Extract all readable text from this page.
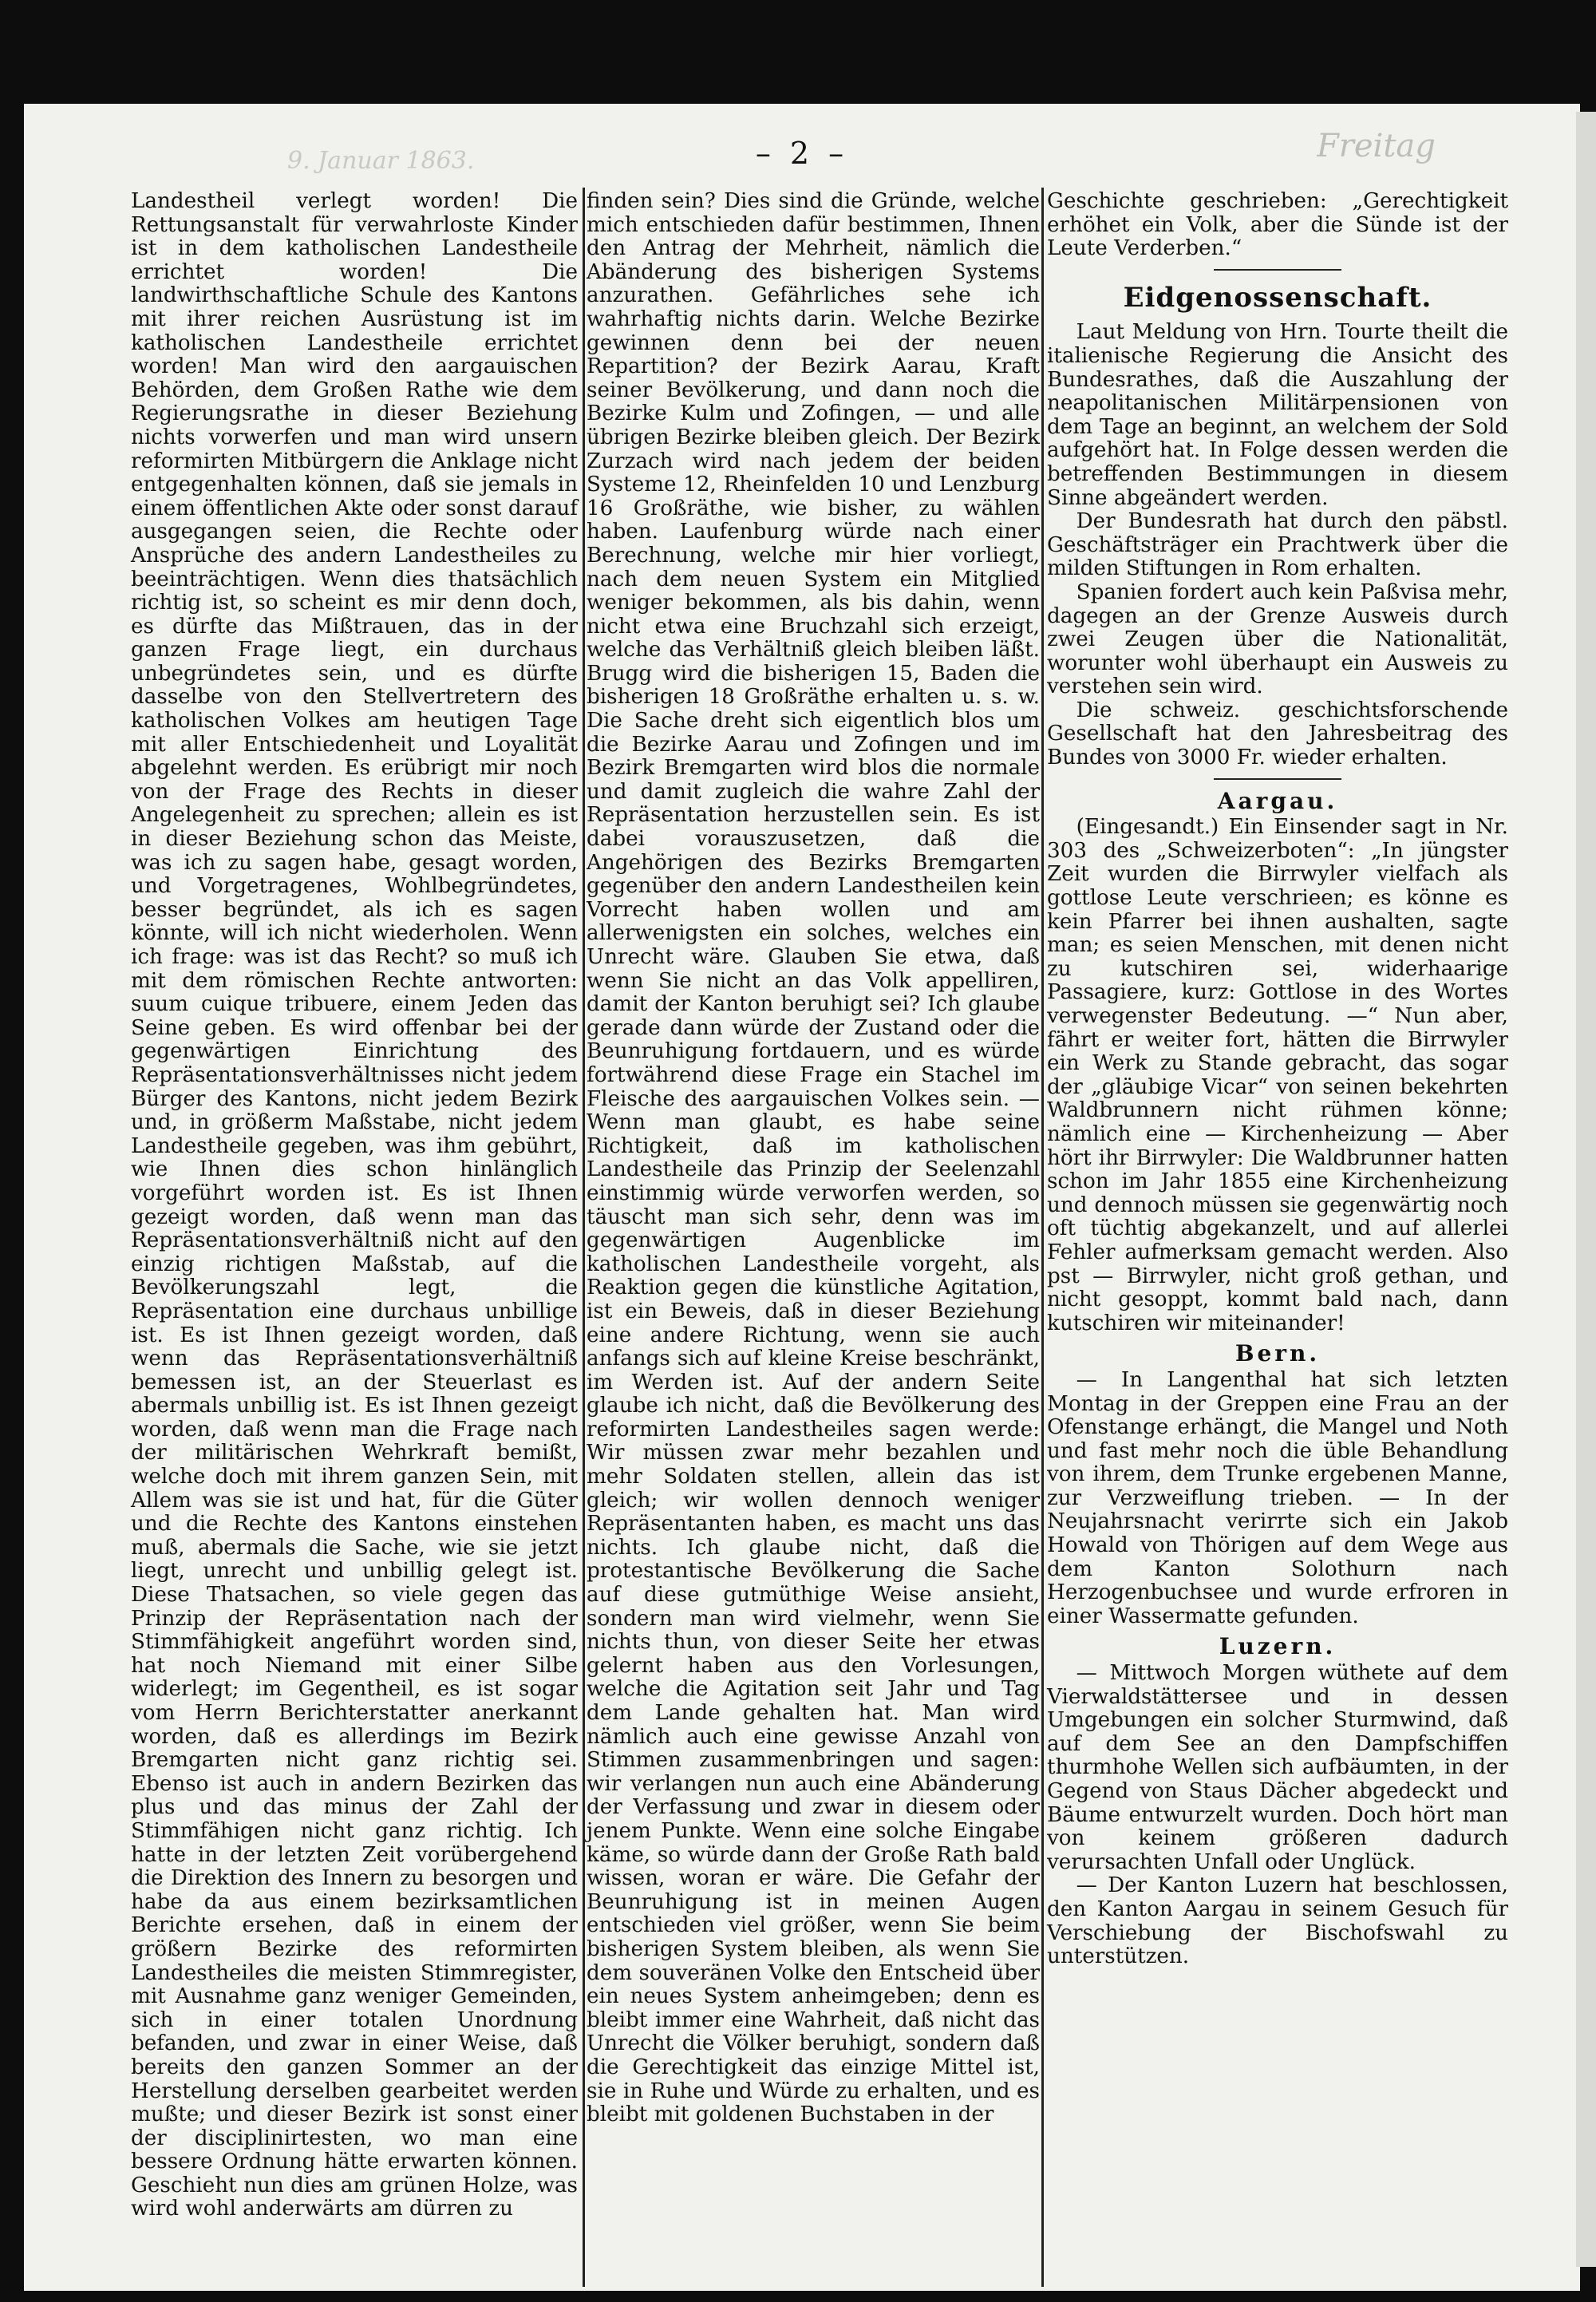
9. Januar 1863.	– 2 –

Landestheil verlegt worden! Die Rettungsanstalt für verwahrloste Kinder ist in dem katholischen Landestheile errichtet worden! Die landwirthschaftliche Schule des Kantons mit ihrer reichen Ausrüstung ist im katholischen Landestheile errichtet worden! Man wird den aargauischen Behörden, dem Großen Rathe wie dem Regierungsrathe in dieser Beziehung nichts vorwerfen und man wird unsern reformirten Mitbürgern die Anklage nicht entgegenhalten können, daß sie jemals in einem öffentlichen Akte oder sonst darauf ausgegangen seien, die Rechte oder Ansprüche des andern Landestheiles zu beeinträchtigen. Wenn dies thatsächlich richtig ist, so scheint es mir denn doch, es dürfte das Mißtrauen, das in der ganzen Frage liegt, ein durchaus unbegründetes sein, und es dürfte dasselbe von den Stellvertretern des katholischen Volkes am heutigen Tage mit aller Entschiedenheit und Loyalität abgelehnt werden. Es erübrigt mir noch von der Frage des Rechts in dieser Angelegenheit zu sprechen; allein es ist in dieser Beziehung schon das Meiste, was ich zu sagen habe, gesagt worden, und Vorgetragenes, Wohlbegründetes, besser begründet, als ich es sagen könnte, will ich nicht wiederholen. Wenn ich frage: was ist das Recht? so muß ich mit dem römischen Rechte antworten: suum cuique tribuere, einem Jeden das Seine geben. Es wird offenbar bei der gegenwärtigen Einrichtung des Repräsentationsverhältnisses nicht jedem Bürger des Kantons, nicht jedem Bezirk und, in größerm Maßstabe, nicht jedem Landestheile gegeben, was ihm gebührt, wie Ihnen dies schon hinlänglich vorgeführt worden ist. Es ist Ihnen gezeigt worden, daß wenn man das Repräsentationsverhältniß nicht auf den einzig richtigen Maßstab, auf die Bevölkerungszahl legt, die Repräsentation eine durchaus unbillige ist. Es ist Ihnen gezeigt worden, daß wenn das Repräsentationsverhältniß bemessen ist, an der Steuerlast es abermals unbillig ist. Es ist Ihnen gezeigt worden, daß wenn man die Frage nach der militärischen Wehrkraft bemißt, welche doch mit ihrem ganzen Sein, mit Allem was sie ist und hat, für die Güter und die Rechte des Kantons einstehen muß, abermals die Sache, wie sie jetzt liegt, unrecht und unbillig gelegt ist. Diese Thatsachen, so viele gegen das Prinzip der Repräsentation nach der Stimmfähigkeit angeführt worden sind, hat noch Niemand mit einer Silbe widerlegt; im Gegentheil, es ist sogar vom Herrn Berichterstatter anerkannt worden, daß es allerdings im Bezirk Bremgarten nicht ganz richtig sei. Ebenso ist auch in andern Bezirken das plus und das minus der Zahl der Stimmfähigen nicht ganz richtig. Ich hatte in der letzten Zeit vorübergehend die Direktion des Innern zu besorgen und habe da aus einem bezirksamtlichen Berichte ersehen, daß in einem der größern Bezirke des reformirten Landestheiles die meisten Stimmregister, mit Ausnahme ganz weniger Gemeinden, sich in einer totalen Unordnung befanden, und zwar in einer Weise, daß bereits den ganzen Sommer an der Herstellung derselben gearbeitet werden mußte; und dieser Bezirk ist sonst einer der disciplinirtesten, wo man eine bessere Ordnung hätte erwarten können. Geschieht nun dies am grünen Holze, was wird wohl anderwärts am dürren zu

finden sein? Dies sind die Gründe, welche mich entschieden dafür bestimmen, Ihnen den Antrag der Mehrheit, nämlich die Abänderung des bisherigen Systems anzurathen. Gefährliches sehe ich wahrhaftig nichts darin. Welche Bezirke gewinnen denn bei der neuen Repartition? der Bezirk Aarau, Kraft seiner Bevölkerung, und dann noch die Bezirke Kulm und Zofingen, — und alle übrigen Bezirke bleiben gleich. Der Bezirk Zurzach wird nach jedem der beiden Systeme 12, Rheinfelden 10 und Lenzburg 16 Großräthe, wie bisher, zu wählen haben. Laufenburg würde nach einer Berechnung, welche mir hier vorliegt, nach dem neuen System ein Mitglied weniger bekommen, als bis dahin, wenn nicht etwa eine Bruchzahl sich erzeigt, welche das Verhältniß gleich bleiben läßt. Brugg wird die bisherigen 15, Baden die bisherigen 18 Großräthe erhalten u. s. w. Die Sache dreht sich eigentlich blos um die Bezirke Aarau und Zofingen und im Bezirk Bremgarten wird blos die normale und damit zugleich die wahre Zahl der Repräsentation herzustellen sein. Es ist dabei vorauszusetzen, daß die Angehörigen des Bezirks Bremgarten gegenüber den andern Landestheilen kein Vorrecht haben wollen und am allerwenigsten ein solches, welches ein Unrecht wäre. Glauben Sie etwa, daß wenn Sie nicht an das Volk appelliren, damit der Kanton beruhigt sei? Ich glaube gerade dann würde der Zustand oder die Beunruhigung fortdauern, und es würde fortwährend diese Frage ein Stachel im Fleische des aargauischen Volkes sein. — Wenn man glaubt, es habe seine Richtigkeit, daß im katholischen Landestheile das Prinzip der Seelenzahl einstimmig würde verworfen werden, so täuscht man sich sehr, denn was im gegenwärtigen Augenblicke im katholischen Landestheile vorgeht, als Reaktion gegen die künstliche Agitation, ist ein Beweis, daß in dieser Beziehung eine andere Richtung, wenn sie auch anfangs sich auf kleine Kreise beschränkt, im Werden ist. Auf der andern Seite glaube ich nicht, daß die Bevölkerung des reformirten Landestheiles sagen werde: Wir müssen zwar mehr bezahlen und mehr Soldaten stellen, allein das ist gleich; wir wollen dennoch weniger Repräsentanten haben, es macht uns das nichts. Ich glaube nicht, daß die protestantische Bevölkerung die Sache auf diese gutmüthige Weise ansieht, sondern man wird vielmehr, wenn Sie nichts thun, von dieser Seite her etwas gelernt haben aus den Vorlesungen, welche die Agitation seit Jahr und Tag dem Lande gehalten hat. Man wird nämlich auch eine gewisse Anzahl von Stimmen zusammenbringen und sagen: wir verlangen nun auch eine Abänderung der Verfassung und zwar in diesem oder jenem Punkte. Wenn eine solche Eingabe käme, so würde dann der Große Rath bald wissen, woran er wäre. Die Gefahr der Beunruhigung ist in meinen Augen entschieden viel größer, wenn Sie beim bisherigen System bleiben, als wenn Sie dem souveränen Volke den Entscheid über ein neues System anheimgeben; denn es bleibt immer eine Wahrheit, daß nicht das Unrecht die Völker beruhigt, sondern daß die Gerechtigkeit das einzige Mittel ist, sie in Ruhe und Würde zu erhalten, und es bleibt mit goldenen Buchstaben in der

Geschichte geschrieben: „Gerechtigkeit erhöhet ein Volk, aber die Sünde ist der Leute Verderben.“

Eidgenossenschaft.

Laut Meldung von Hrn. Tourte theilt die italienische Regierung die Ansicht des Bundesrathes, daß die Auszahlung der neapolitanischen Militärpensionen von dem Tage an beginnt, an welchem der Sold aufgehört hat. In Folge dessen werden die betreffenden Bestimmungen in diesem Sinne abgeändert werden.

Der Bundesrath hat durch den päbstl. Geschäftsträger ein Prachtwerk über die milden Stiftungen in Rom erhalten.

Spanien fordert auch kein Paßvisa mehr, dagegen an der Grenze Ausweis durch zwei Zeugen über die Nationalität, worunter wohl überhaupt ein Ausweis zu verstehen sein wird.

Die schweiz. geschichtsforschende Gesellschaft hat den Jahresbeitrag des Bundes von 3000 Fr. wieder erhalten.

Aargau.

(Eingesandt.) Ein Einsender sagt in Nr. 303 des „Schweizerboten“: „In jüngster Zeit wurden die Birrwyler vielfach als gottlose Leute verschrieen; es könne es kein Pfarrer bei ihnen aushalten, sagte man; es seien Menschen, mit denen nicht zu kutschiren sei, widerhaarige Passagiere, kurz: Gottlose in des Wortes verwegenster Bedeutung. —“ Nun aber, fährt er weiter fort, hätten die Birrwyler ein Werk zu Stande gebracht, das sogar der „gläubige Vicar“ von seinen bekehrten Waldbrunnern nicht rühmen könne; nämlich eine — Kirchenheizung — Aber hört ihr Birrwyler: Die Waldbrunner hatten schon im Jahr 1855 eine Kirchenheizung und dennoch müssen sie gegenwärtig noch oft tüchtig abgekanzelt, und auf allerlei Fehler aufmerksam gemacht werden. Also pst — Birrwyler, nicht groß gethan, und nicht gesoppt, kommt bald nach, dann kutschiren wir miteinander!

Bern.

— In Langenthal hat sich letzten Montag in der Greppen eine Frau an der Ofenstange erhängt, die Mangel und Noth und fast mehr noch die üble Behandlung von ihrem, dem Trunke ergebenen Manne, zur Verzweiflung trieben. — In der Neujahrsnacht verirrte sich ein Jakob Howald von Thörigen auf dem Wege aus dem Kanton Solothurn nach Herzogenbuchsee und wurde erfroren in einer Wassermatte gefunden.

Luzern.

— Mittwoch Morgen wüthete auf dem Vierwaldstättersee und in dessen Umgebungen ein solcher Sturmwind, daß auf dem See an den Dampfschiffen thurmhohe Wellen sich aufbäumten, in der Gegend von Staus Dächer abgedeckt und Bäume entwurzelt wurden. Doch hört man von keinem größeren dadurch verursachten Unfall oder Unglück.

— Der Kanton Luzern hat beschlossen, den Kanton Aargau in seinem Gesuch für Verschiebung der Bischofswahl zu unterstützen.

Freitag
